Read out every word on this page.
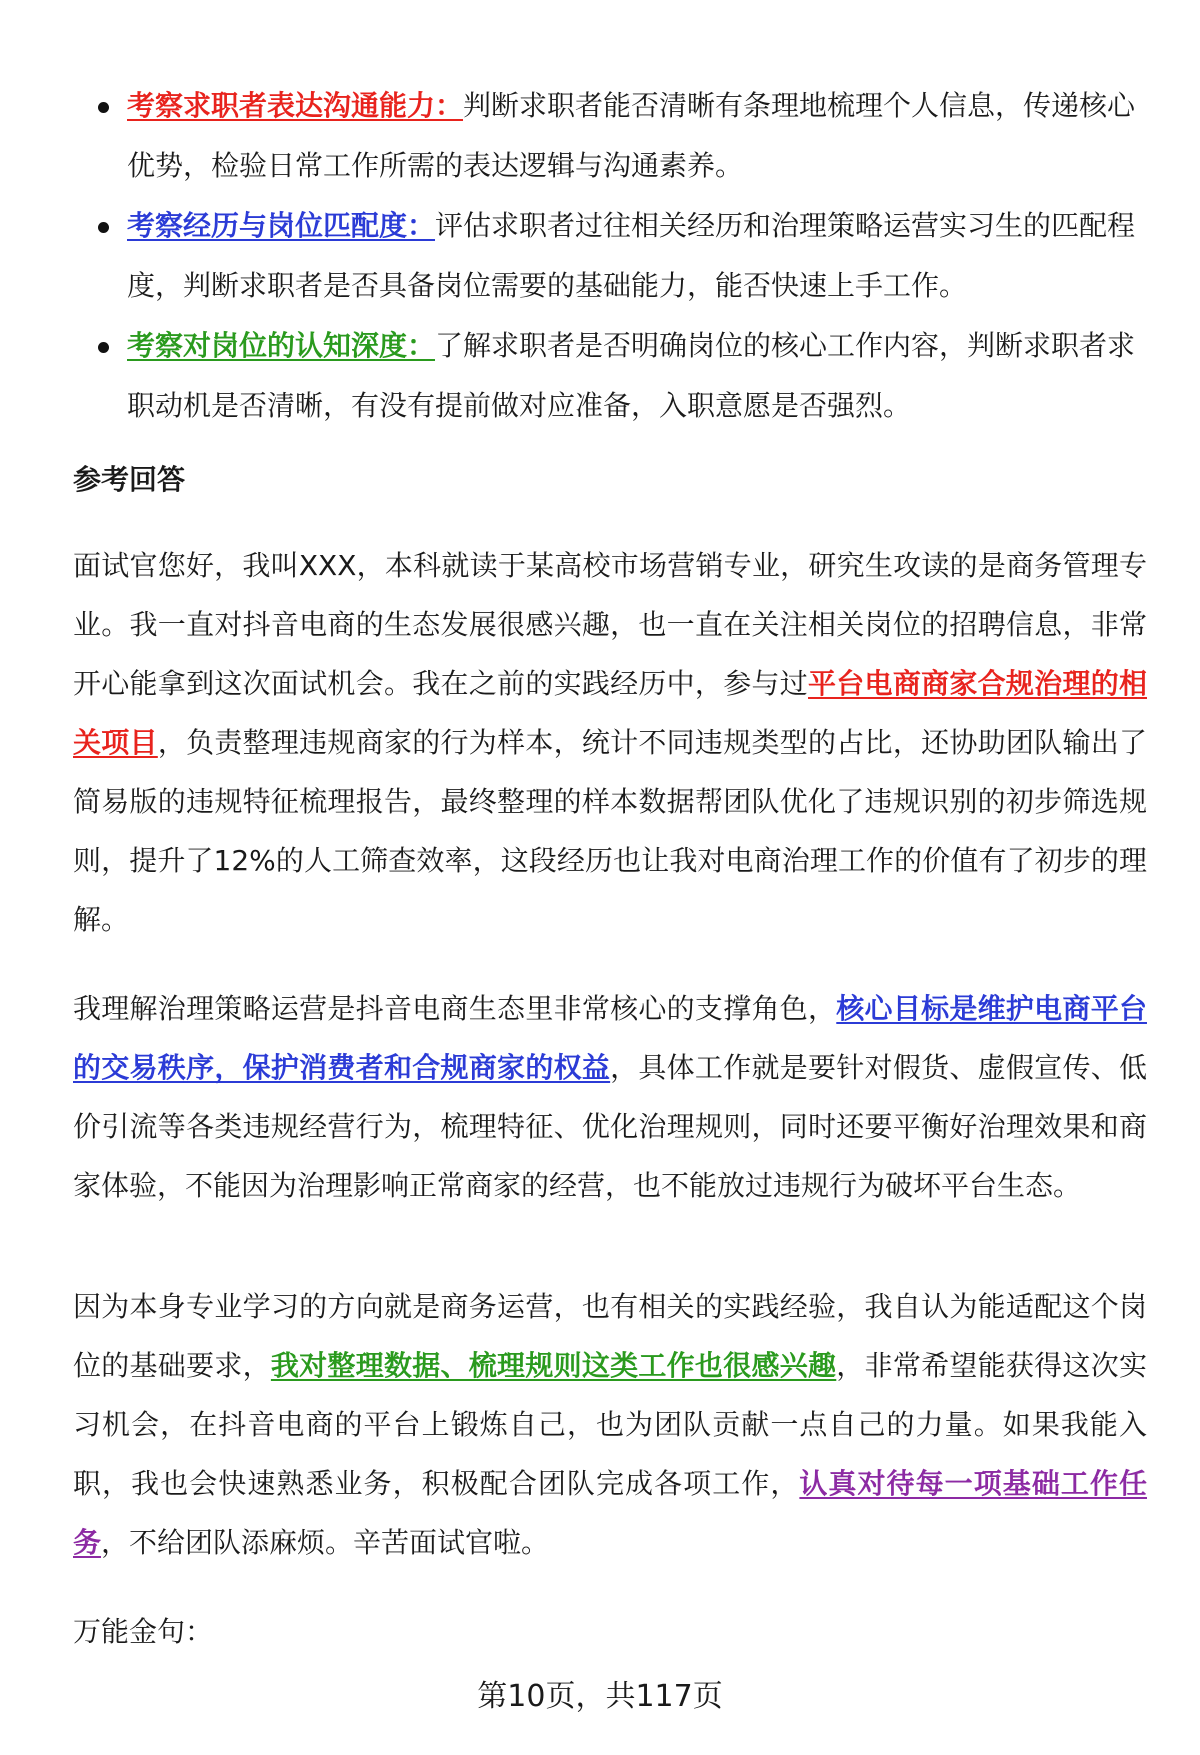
考察求职者表达沟通能力：判断求职者能否清晰有条理地梳理个人信息，传递核心优势，检验日常工作所需的表达逻辑与沟通素养。
考察经历与岗位匹配度：评估求职者过往相关经历和治理策略运营实习生的匹配程度，判断求职者是否具备岗位需要的基础能力，能否快速上手工作。
考察对岗位的认知深度：了解求职者是否明确岗位的核心工作内容，判断求职者求职动机是否清晰，有没有提前做对应准备，入职意愿是否强烈。
参考回答

面试官您好，我叫XXX，本科就读于某高校市场营销专业，研究生攻读的是商务管理专业。我一直对抖音电商的生态发展很感兴趣，也一直在关注相关岗位的招聘信息，非常开心能拿到这次面试机会。我在之前的实践经历中，参与过平台电商商家合规治理的相关项目，负责整理违规商家的行为样本，统计不同违规类型的占比，还协助团队输出了简易版的违规特征梳理报告，最终整理的样本数据帮团队优化了违规识别的初步筛选规则，提升了12%的人工筛查效率，这段经历也让我对电商治理工作的价值有了初步的理解。

我理解治理策略运营是抖音电商生态里非常核心的支撑角色，核心目标是维护电商平台的交易秩序，保护消费者和合规商家的权益，具体工作就是要针对假货、虚假宣传、低价引流等各类违规经营行为，梳理特征、优化治理规则，同时还要平衡好治理效果和商家体验，不能因为治理影响正常商家的经营，也不能放过违规行为破坏平台生态。

因为本身专业学习的方向就是商务运营，也有相关的实践经验，我自认为能适配这个岗位的基础要求，我对整理数据、梳理规则这类工作也很感兴趣，非常希望能获得这次实习机会，在抖音电商的平台上锻炼自己，也为团队贡献一点自己的力量。如果我能入职，我也会快速熟悉业务，积极配合团队完成各项工作，认真对待每一项基础工作任务，不给团队添麻烦。辛苦面试官啦。

万能金句：

第10页，共117页
